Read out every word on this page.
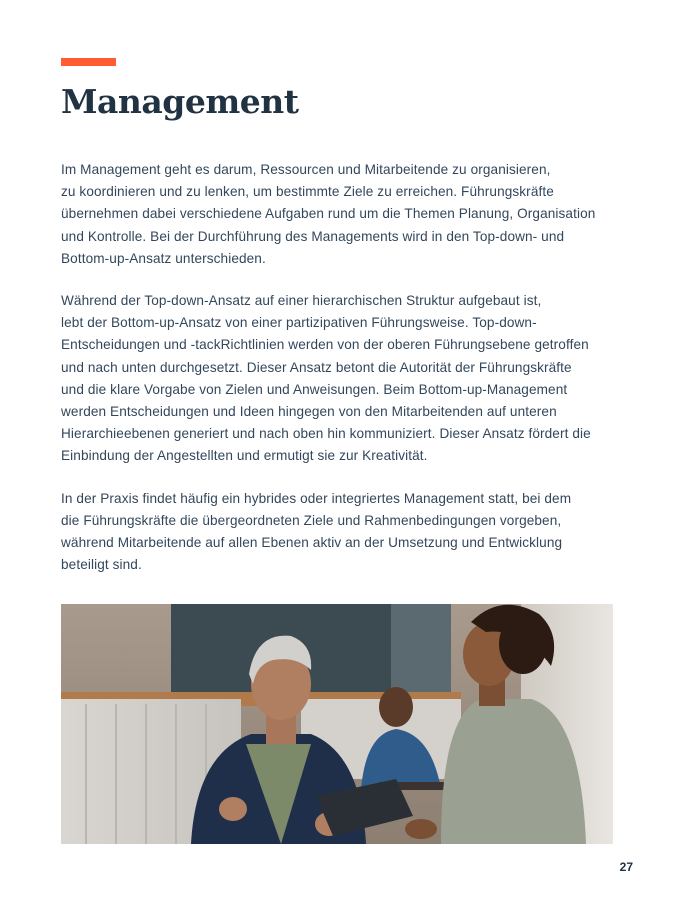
Management

Im Management geht es darum, Ressourcen und Mitarbeitende zu organisieren,
zu koordinieren und zu lenken, um bestimmte Ziele zu erreichen. Führungskräfte
übernehmen dabei verschiedene Aufgaben rund um die Themen Planung, Organisation
und Kontrolle. Bei der Durchführung des Managements wird in den Top-down- und
Bottom-up-Ansatz unterschieden.

Während der Top-down-Ansatz auf einer hierarchischen Struktur aufgebaut ist,
lebt der Bottom-up-Ansatz von einer partizipativen Führungsweise. Top-down-
Entscheidungen und -tackRichtlinien werden von der oberen Führungsebene getroffen
und nach unten durchgesetzt. Dieser Ansatz betont die Autorität der Führungskräfte
und die klare Vorgabe von Zielen und Anweisungen. Beim Bottom-up-Management
werden Entscheidungen und Ideen hingegen von den Mitarbeitenden auf unteren
Hierarchieebenen generiert und nach oben hin kommuniziert. Dieser Ansatz fördert die
Einbindung der Angestellten und ermutigt sie zur Kreativität.

In der Praxis findet häufig ein hybrides oder integriertes Management statt, bei dem
die Führungskräfte die übergeordneten Ziele und Rahmenbedingungen vorgeben,
während Mitarbeitende auf allen Ebenen aktiv an der Umsetzung und Entwicklung
beteiligt sind.

27
